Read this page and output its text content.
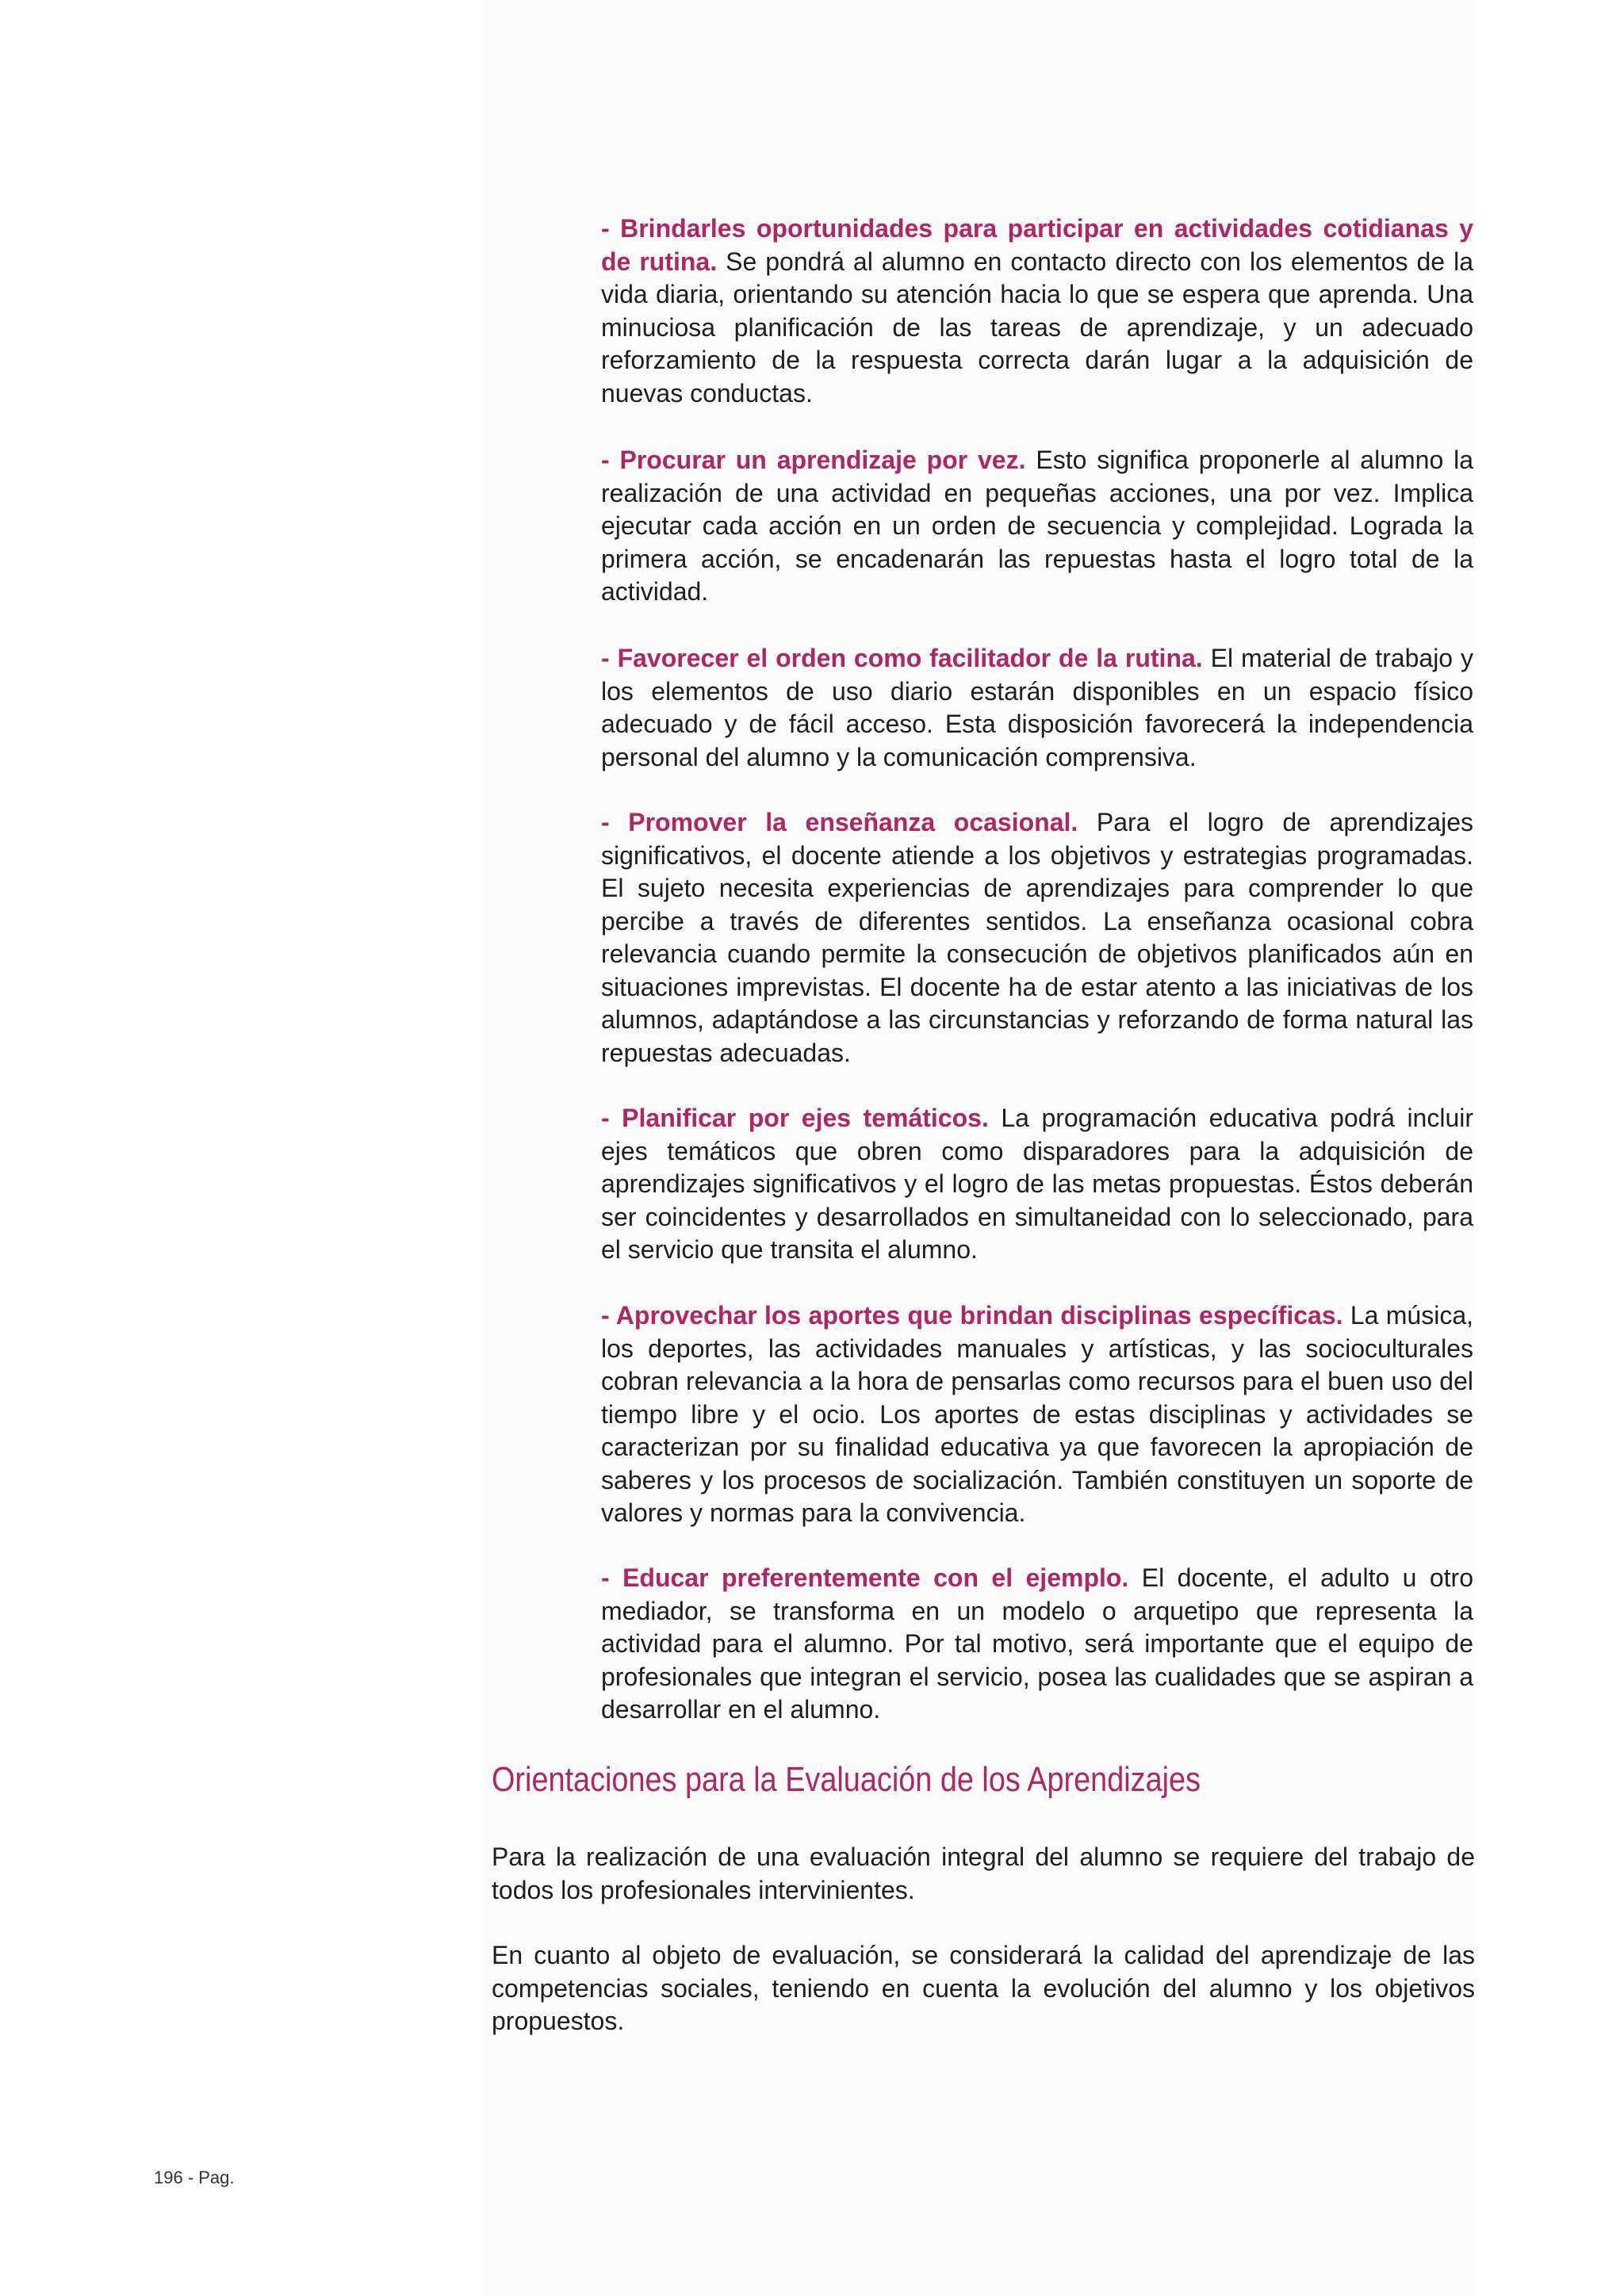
- Brindarles oportunidades para participar en actividades cotidianas y de rutina. Se pondrá al alumno en contacto directo con los elementos de la vida diaria, orientando su atención hacia lo que se espera que aprenda. Una minuciosa planificación de las tareas de aprendizaje, y un adecuado reforzamiento de la respuesta correcta darán lugar a la adquisición de nuevas conductas.
- Procurar un aprendizaje por vez. Esto significa proponerle al alumno la realización de una actividad en pequeñas acciones, una por vez. Implica ejecutar cada acción en un orden de secuencia y complejidad. Lograda la primera acción, se encadenarán las repuestas hasta el logro total de la actividad.
- Favorecer el orden como facilitador de la rutina. El material de trabajo y los elementos de uso diario estarán disponibles en un espacio físico adecuado y de fácil acceso. Esta disposición favorecerá la independencia personal del alumno y la comunicación comprensiva.
- Promover la enseñanza ocasional. Para el logro de aprendizajes significativos, el docente atiende a los objetivos y estrategias programadas. El sujeto necesita experiencias de aprendizajes para comprender lo que percibe a través de diferentes sentidos. La enseñanza ocasional cobra relevancia cuando permite la consecución de objetivos planificados aún en situaciones imprevistas. El docente ha de estar atento a las iniciativas de los alumnos, adaptándose a las circunstancias y reforzando de forma natural las repuestas adecuadas.
- Planificar por ejes temáticos. La programación educativa podrá incluir ejes temáticos que obren como disparadores para la adquisición de aprendizajes significativos y el logro de las metas propuestas. Éstos deberán ser coincidentes y desarrollados en simultaneidad con lo seleccionado, para el servicio que transita el alumno.
- Aprovechar los aportes que brindan disciplinas específicas. La música, los deportes, las actividades manuales y artísticas, y las socioculturales cobran relevancia a la hora de pensarlas como recursos para el buen uso del tiempo libre y el ocio. Los aportes de estas disciplinas y actividades se caracterizan por su finalidad educativa ya que favorecen la apropiación de saberes y los procesos de socialización. También constituyen un soporte de valores y normas para la convivencia.
- Educar preferentemente con el ejemplo. El docente, el adulto u otro mediador, se transforma en un modelo o arquetipo que representa la actividad para el alumno. Por tal motivo, será importante que el equipo de profesionales que integran el servicio, posea las cualidades que se aspiran a desarrollar en el alumno.
Orientaciones para la Evaluación de los Aprendizajes

Para la realización de una evaluación integral del alumno se requiere del trabajo de todos los profesionales intervinientes.

En cuanto al objeto de evaluación, se considerará la calidad del aprendizaje de las competencias sociales, teniendo en cuenta la evolución del alumno y los objetivos propuestos.

196 - Pag.
